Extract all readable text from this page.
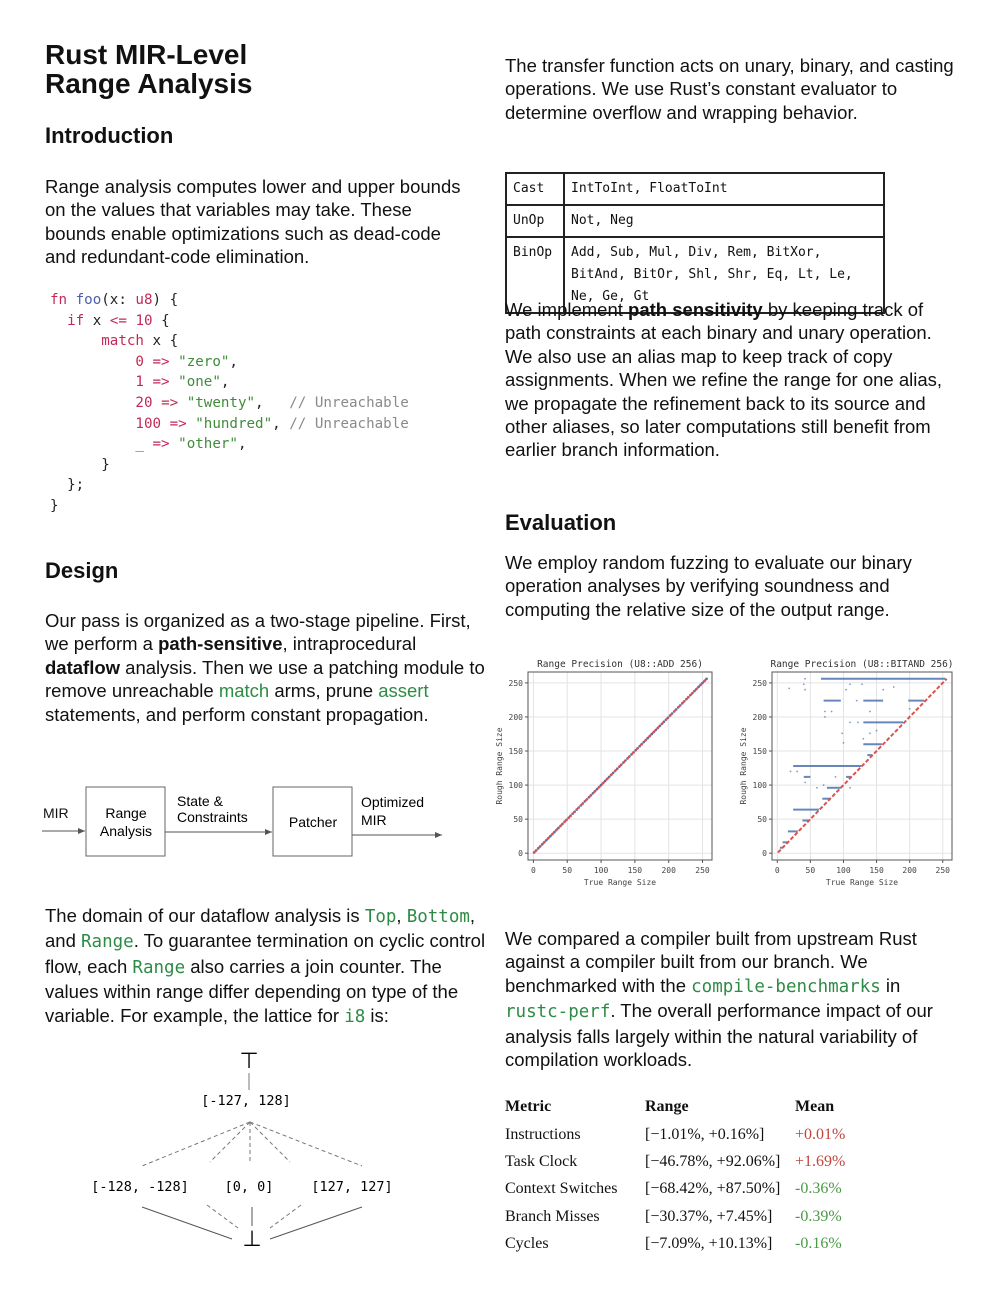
Rust MIR-Level
Range Analysis
Introduction

Range analysis computes lower and upper bounds on the values that variables may take. These bounds enable optimizations such as dead-code and redundant-code elimination.

fn foo(x: u8) {
if x <= 10 {
match x {
0 => "zero",
1 => "one",
20 => "twenty",   // Unreachable
100 => "hundred", // Unreachable
_ => "other",
}
};
}
Design

Our pass is organized as a two-stage pipeline. First, we perform a path-sensitive, intraprocedural dataflow analysis. Then we use a patching module to remove unreachable match arms, prune assert statements, and perform constant propagation.

MIR	Range
Analysis
State &
Constraints	Patcher
Optimized
MIR

The domain of our dataflow analysis is Top, Bottom, and Range. To guarantee termination on cyclic control flow, each Range also carries a join counter. The values within range differ depending on type of the variable. For example, the lattice for i8 is:

⊤
[-127, 128]
[-128, -128]	[0, 0]	[127, 127]
⊥

The transfer function acts on unary, binary, and casting operations. We use Rust’s constant evaluator to determine overflow and wrapping behavior.

Cast	IntToInt, FloatToInt
UnOp	Not, Neg
BinOp	Add, Sub, Mul, Div, Rem, BitXor, BitAnd, BitOr, Shl, Shr, Eq, Lt, Le, Ne, Ge, Gt

We implement path sensitivity by keeping track of path constraints at each binary and unary operation. We also use an alias map to keep track of copy assignments. When we refine the range for one alias, we propagate the refinement back to its source and other aliases, so later computations still benefit from earlier branch information.

Evaluation

We employ random fuzzing to evaluate our binary operation analyses by verifying soundness and computing the relative size of the output range.

Range Precision (U8::ADD 256)
0	50	100 150 200 250
0
50
100
150
200
250
True Range Size
Rough Range Size
Range Precision (U8::BITAND 256)
0	50	100 150 200 250
0
50
100
150
200
250
True Range Size
Rough Range Size

We compared a compiler built from upstream Rust against a compiler built from our branch. We benchmarked with the compile-benchmarks in rustc-perf. The overall performance impact of our analysis falls largely within the natural variability of compilation workloads.

Metric	Range	Mean
Instructions	[−1.01%, +0.16%]	+0.01%
Task Clock	[−46.78%, +92.06%]	+1.69%
Context Switches	[−68.42%, +87.50%]	-0.36%
Branch Misses	[−30.37%, +7.45%]	-0.39%
Cycles	[−7.09%, +10.13%]	-0.16%
